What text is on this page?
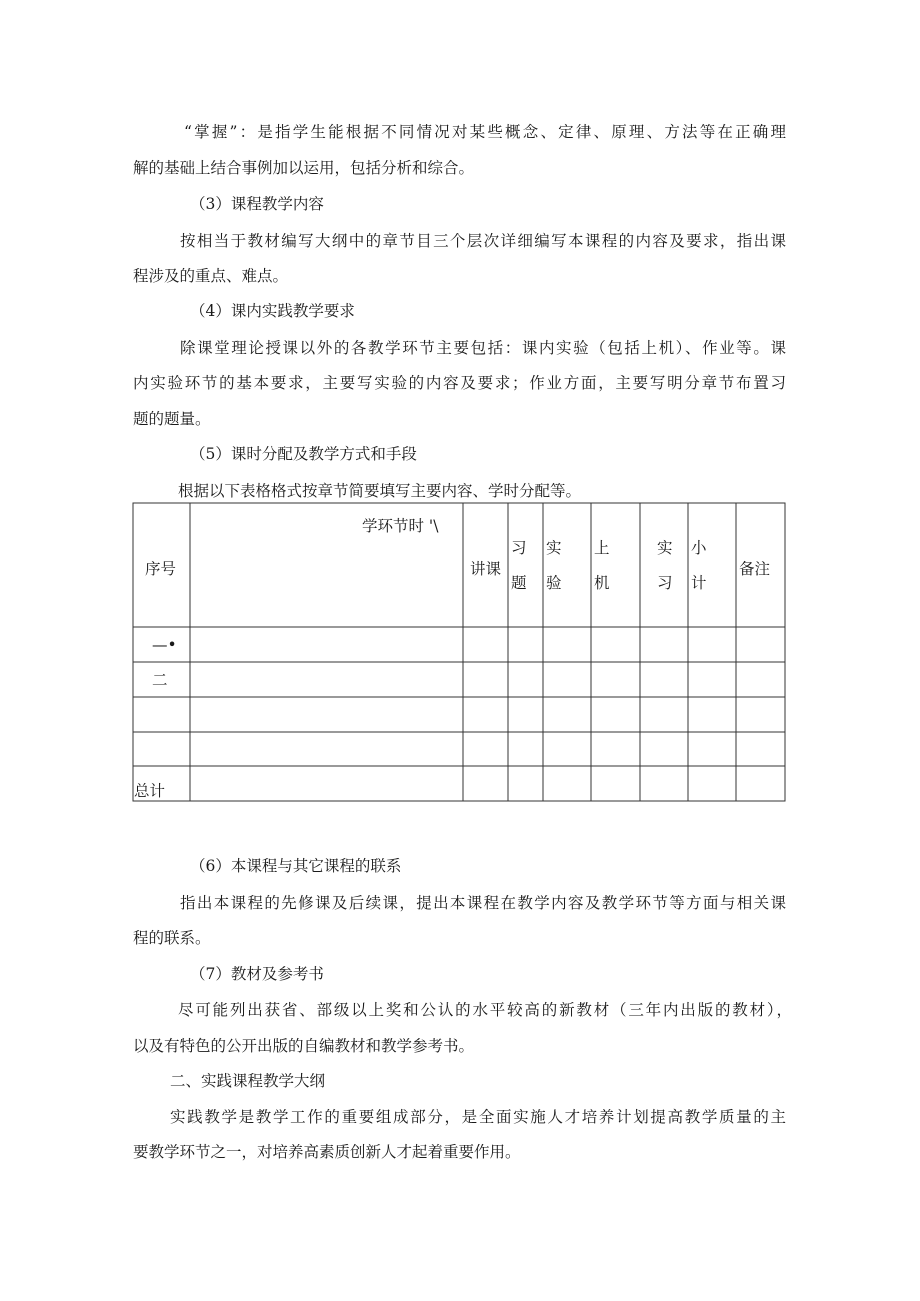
“掌握”：是指学生能根据不同情况对某些概念、定律、原理、方法等在正确理
解的基础上结合事例加以运用，包括分析和综合。
（3）课程教学内容
按相当于教材编写大纲中的章节目三个层次详细编写本课程的内容及要求，指出课
程涉及的重点、难点。
（4）课内实践教学要求
除课堂理论授课以外的各教学环节主要包括：课内实验（包括上机）、作业等。课
内实验环节的基本要求，主要写实验的内容及要求；作业方面，主要写明分章节布置习
题的题量。
（5）课时分配及教学方式和手段
根据以下表格格式按章节简要填写主要内容、学时分配等。
序号
学环节时 '\
讲课
习
题
实
验
上
机
实
习
小
计
备注
—•
二
总计
（6）本课程与其它课程的联系
指出本课程的先修课及后续课，提出本课程在教学内容及教学环节等方面与相关课
程的联系。
（7）教材及参考书
尽可能列出获省、部级以上奖和公认的水平较高的新教材（三年内出版的教材），
以及有特色的公开出版的自编教材和教学参考书。
二、实践课程教学大纲
实践教学是教学工作的重要组成部分，是全面实施人才培养计划提高教学质量的主
要教学环节之一，对培养高素质创新人才起着重要作用。
